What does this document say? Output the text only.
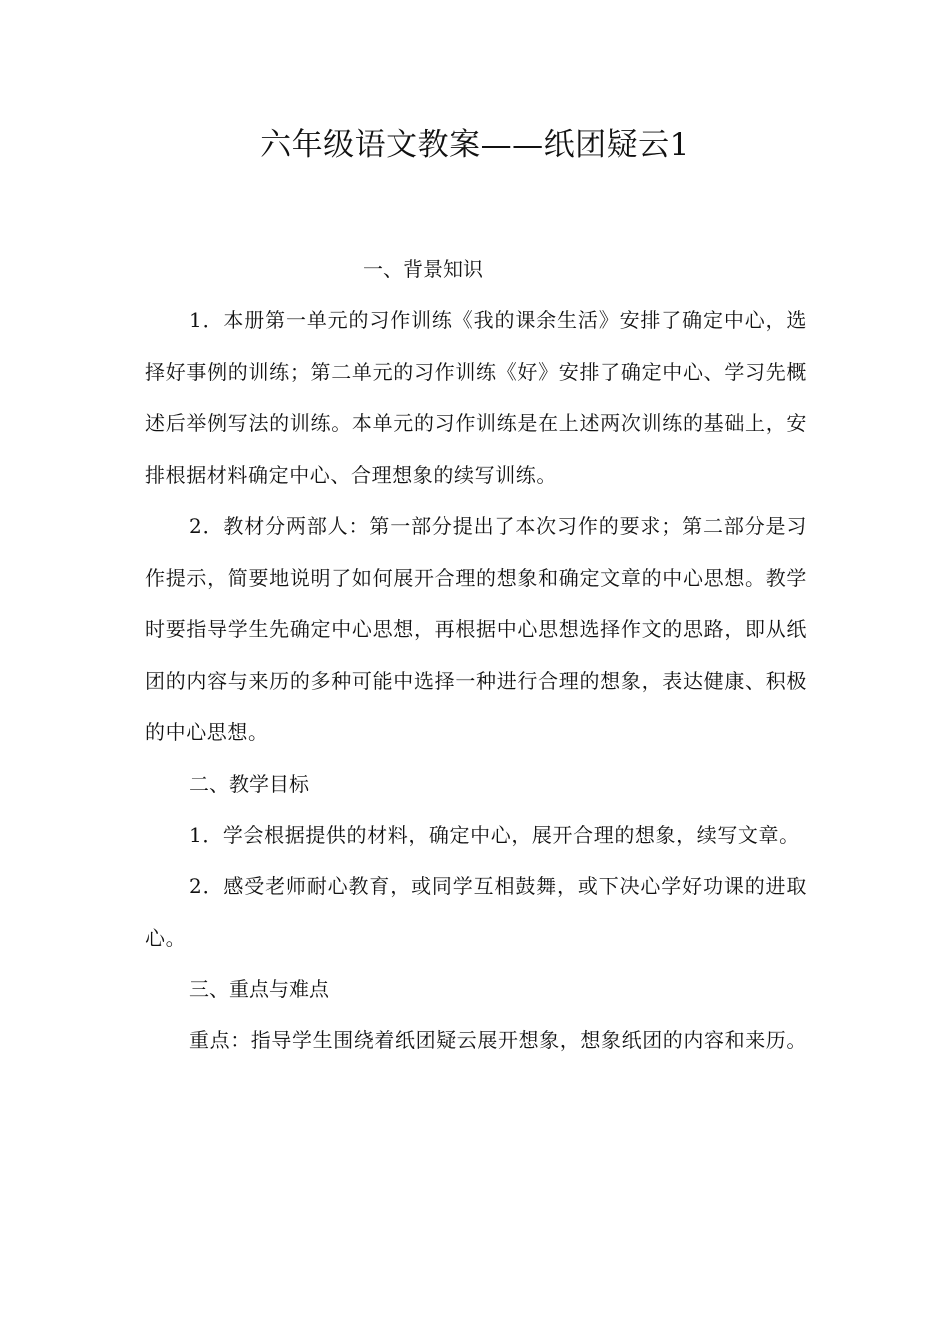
六年级语文教案——纸团疑云1

一、背景知识

1．本册第一单元的习作训练《我的课余生活》安排了确定中心，选择好事例的训练；第二单元的习作训练《好》安排了确定中心、学习先概述后举例写法的训练。本单元的习作训练是在上述两次训练的基础上，安排根据材料确定中心、合理想象的续写训练。

2．教材分两部人：第一部分提出了本次习作的要求；第二部分是习作提示，简要地说明了如何展开合理的想象和确定文章的中心思想。教学时要指导学生先确定中心思想，再根据中心思想选择作文的思路，即从纸团的内容与来历的多种可能中选择一种进行合理的想象，表达健康、积极的中心思想。

二、教学目标

1．学会根据提供的材料，确定中心，展开合理的想象，续写文章。

2．感受老师耐心教育，或同学互相鼓舞，或下决心学好功课的进取心。

三、重点与难点

重点：指导学生围绕着纸团疑云展开想象，想象纸团的内容和来历。
